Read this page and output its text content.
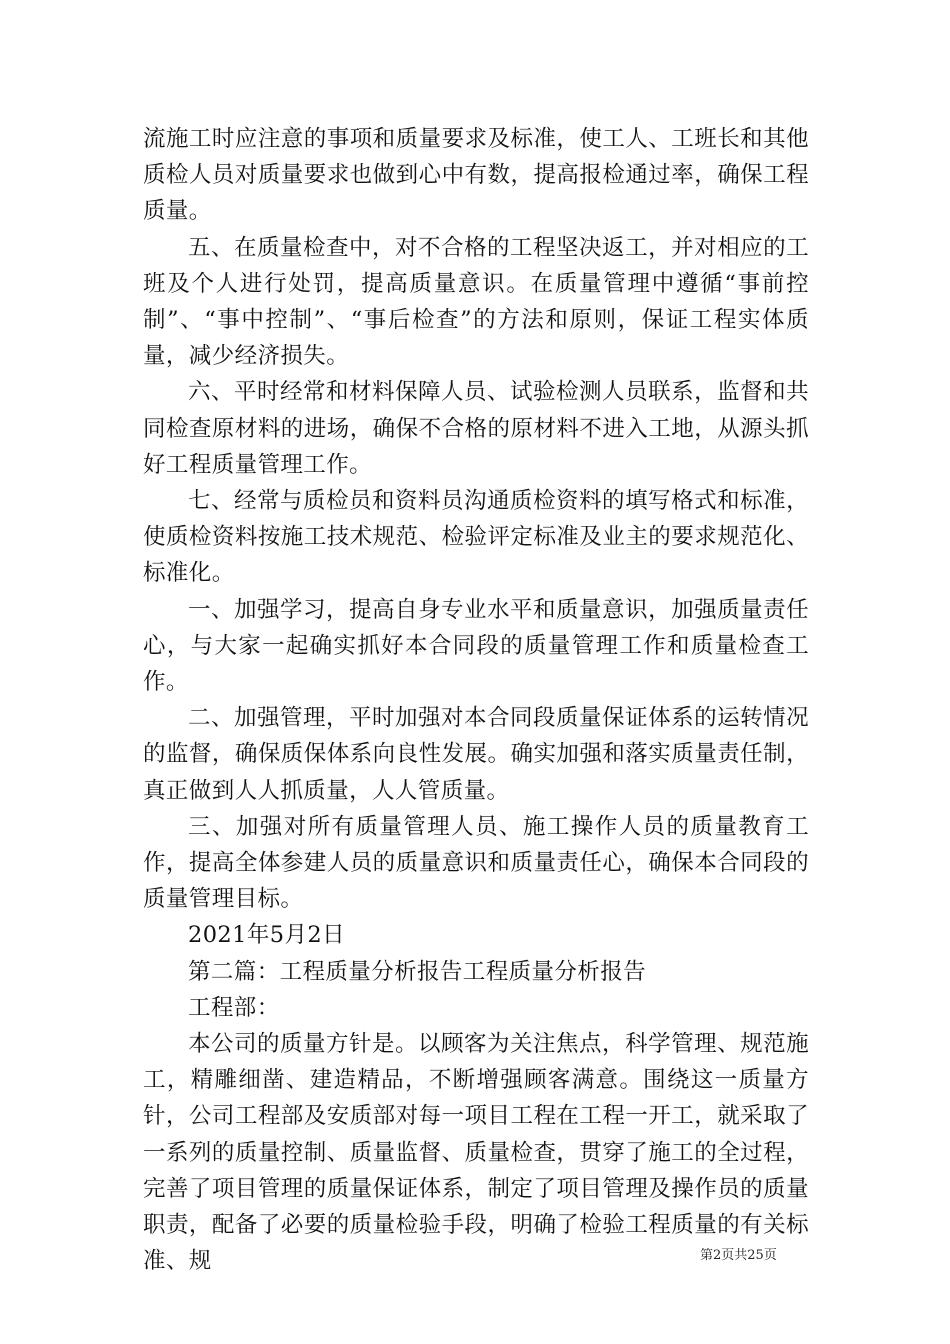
流施工时应注意的事项和质量要求及标准，使工人、工班长和其他质检人员对质量要求也做到心中有数，提高报检通过率，确保工程质量。

五、在质量检查中，对不合格的工程坚决返工，并对相应的工班及个人进行处罚，提高质量意识。在质量管理中遵循“事前控制”、“事中控制”、“事后检查”的方法和原则，保证工程实体质量，减少经济损失。

六、平时经常和材料保障人员、试验检测人员联系，监督和共同检查原材料的进场，确保不合格的原材料不进入工地，从源头抓好工程质量管理工作。

七、经常与质检员和资料员沟通质检资料的填写格式和标准，使质检资料按施工技术规范、检验评定标准及业主的要求规范化、标准化。

一、加强学习，提高自身专业水平和质量意识，加强质量责任心，与大家一起确实抓好本合同段的质量管理工作和质量检查工作。

二、加强管理，平时加强对本合同段质量保证体系的运转情况的监督，确保质保体系向良性发展。确实加强和落实质量责任制，真正做到人人抓质量，人人管质量。

三、加强对所有质量管理人员、施工操作人员的质量教育工作，提高全体参建人员的质量意识和质量责任心，确保本合同段的质量管理目标。

2021年5月2日

第二篇：工程质量分析报告工程质量分析报告

工程部：

本公司的质量方针是。以顾客为关注焦点，科学管理、规范施工，精雕细凿、建造精品，不断增强顾客满意。围绕这一质量方针，公司工程部及安质部对每一项目工程在工程一开工，就采取了一系列的质量控制、质量监督、质量检查，贯穿了施工的全过程，完善了项目管理的质量保证体系，制定了项目管理及操作员的质量职责，配备了必要的质量检验手段，明确了检验工程质量的有关标准、规	第2页共25页
